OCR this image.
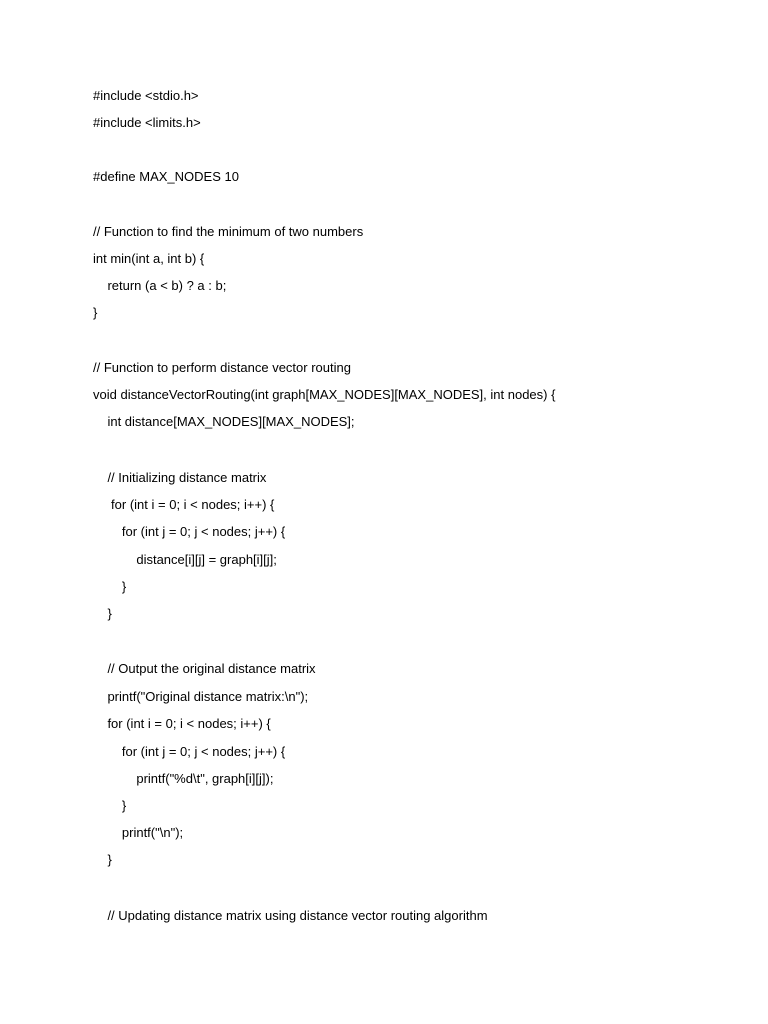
#include <stdio.h>
#include <limits.h>
#define MAX_NODES 10
// Function to find the minimum of two numbers
int min(int a, int b) {
return (a < b) ? a : b;
}
// Function to perform distance vector routing
void distanceVectorRouting(int graph[MAX_NODES][MAX_NODES], int nodes) {
int distance[MAX_NODES][MAX_NODES];
// Initializing distance matrix
for (int i = 0; i < nodes; i++) {
for (int j = 0; j < nodes; j++) {
distance[i][j] = graph[i][j];
}
}
// Output the original distance matrix
printf("Original distance matrix:\n");
for (int i = 0; i < nodes; i++) {
for (int j = 0; j < nodes; j++) {
printf("%d\t", graph[i][j]);
}
printf("\n");
}
// Updating distance matrix using distance vector routing algorithm
